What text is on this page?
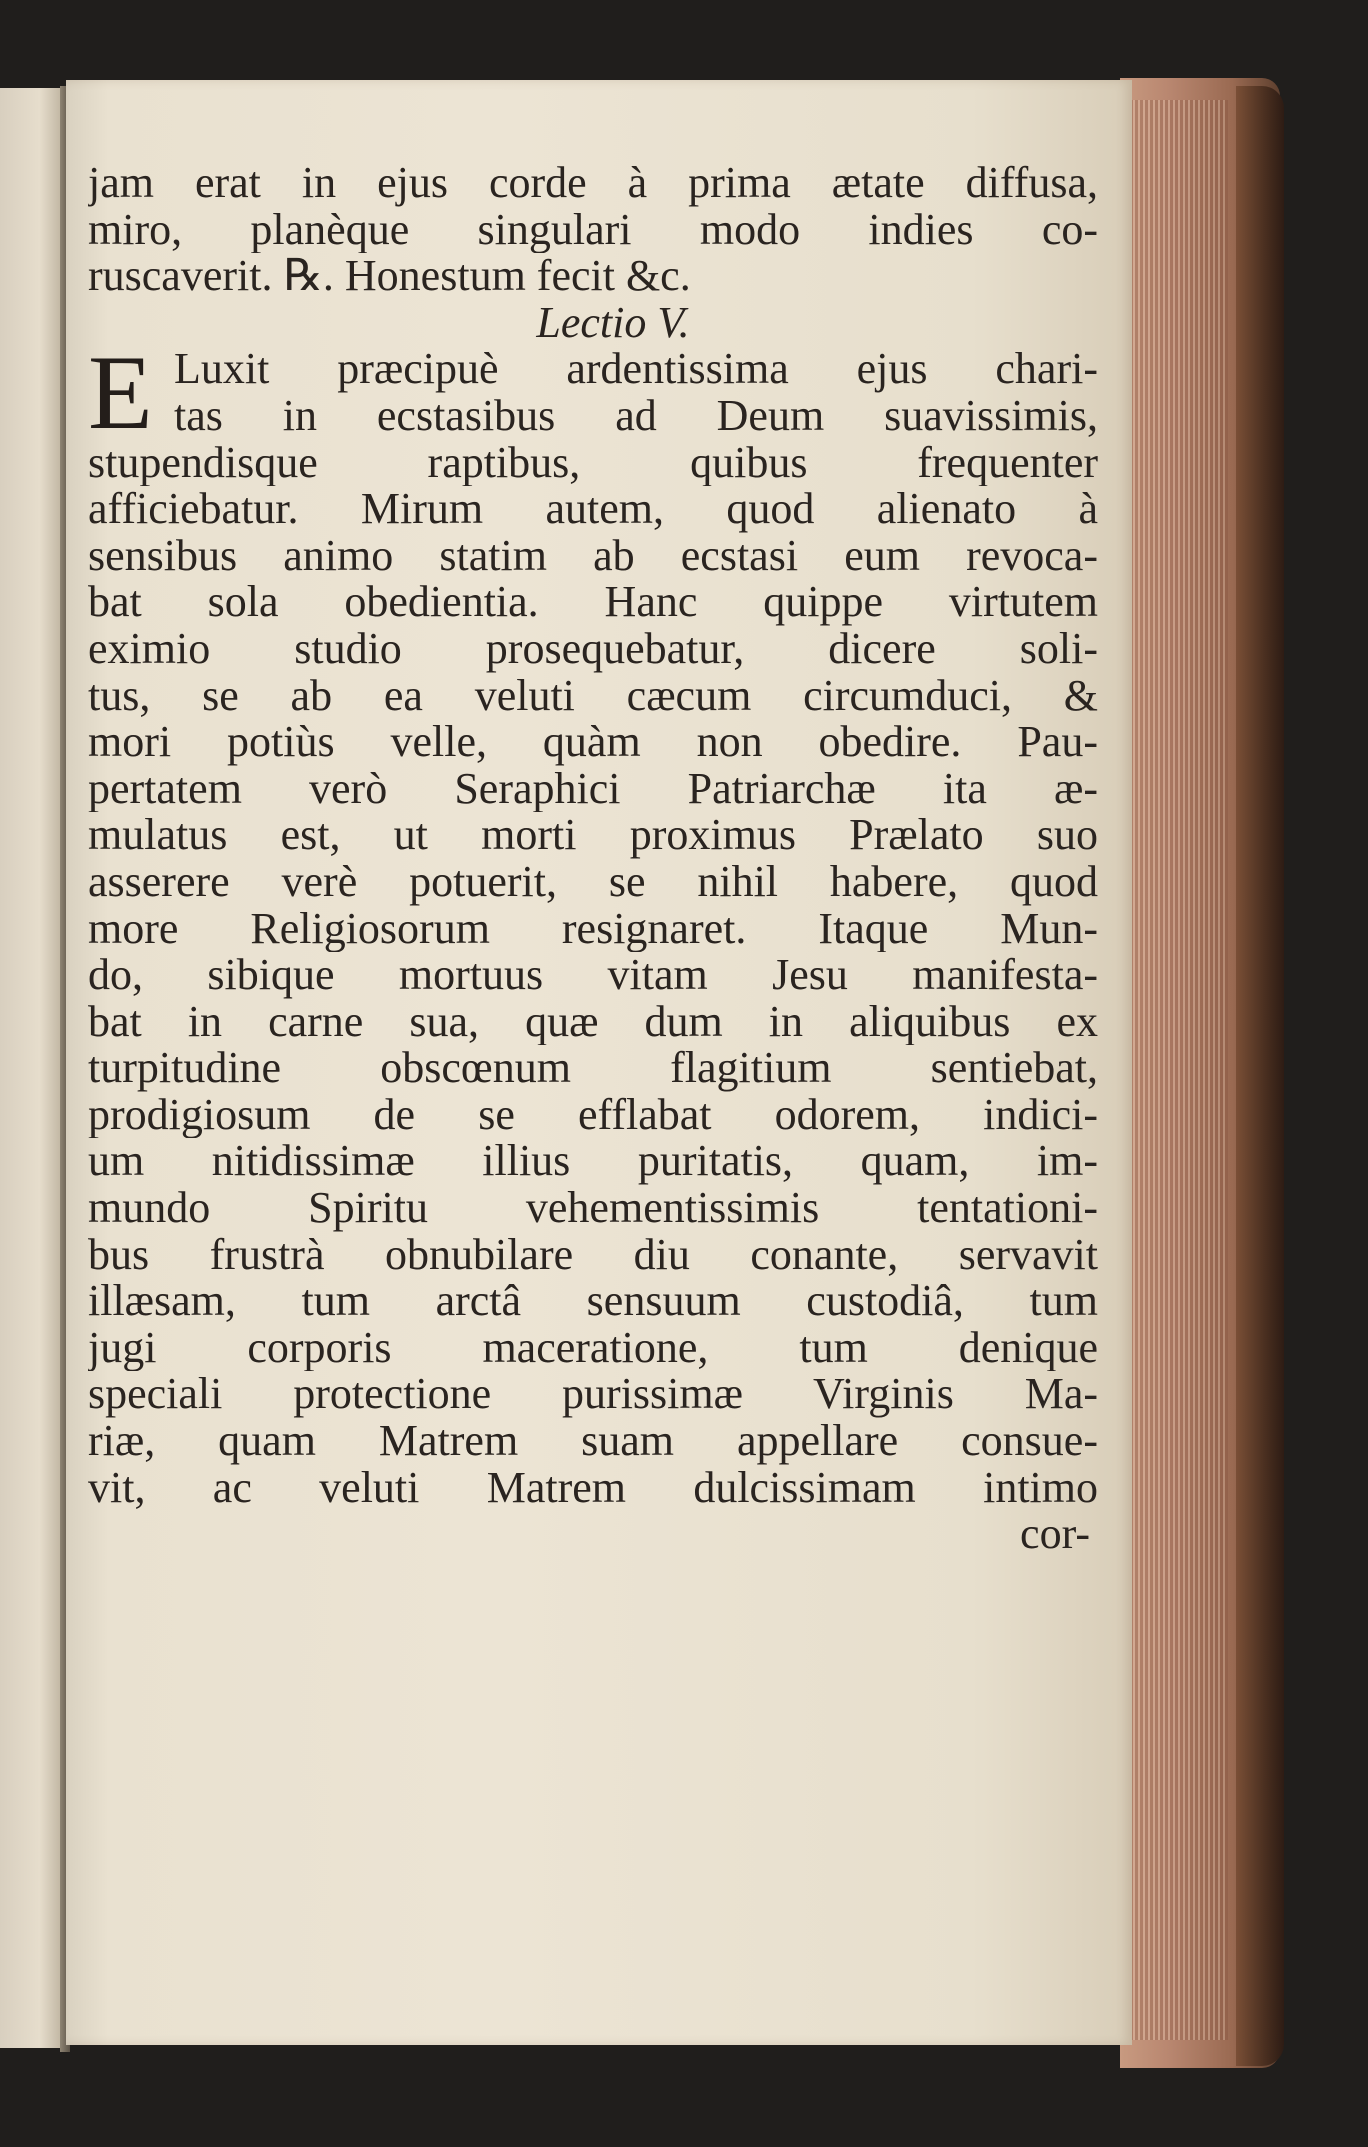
jam erat in ejus corde à prima ætate diffusa,
miro, planèque singulari modo indies co-
ruscaverit. ℞. Honestum fecit &c.
Lectio V.
E Luxit præcipuè ardentissima ejus chari-
tas in ecstasibus ad Deum suavissimis,
stupendisque raptibus, quibus frequenter
afficiebatur. Mirum autem, quod alienato à
sensibus animo statim ab ecstasi eum revoca-
bat sola obedientia. Hanc quippe virtutem
eximio studio prosequebatur, dicere soli-
tus, se ab ea veluti cæcum circumduci, &
mori potiùs velle, quàm non obedire. Pau-
pertatem verò Seraphici Patriarchæ ita æ-
mulatus est, ut morti proximus Prælato suo
asserere verè potuerit, se nihil habere, quod
more Religiosorum resignaret. Itaque Mun-
do, sibique mortuus vitam Jesu manifesta-
bat in carne sua, quæ dum in aliquibus ex
turpitudine obscœnum flagitium sentiebat,
prodigiosum de se efflabat odorem, indici-
um nitidissimæ illius puritatis, quam, im-
mundo Spiritu vehementissimis tentationi-
bus frustrà obnubilare diu conante, servavit
illæsam, tum arctâ sensuum custodiâ, tum
jugi corporis maceratione, tum denique
speciali protectione purissimæ Virginis Ma-
riæ, quam Matrem suam appellare consue-
vit, ac veluti Matrem dulcissimam intimo
cor-
